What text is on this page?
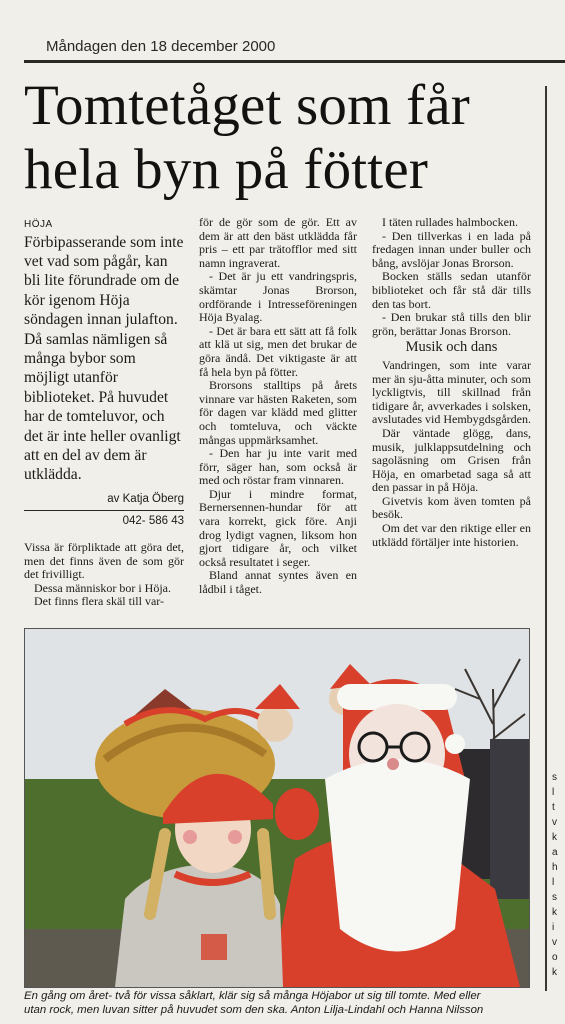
Måndagen den 18 december 2000
Tomtetåget som får
hela byn på fötter
HÖJA
Förbipasserande som inte vet vad som pågår, kan bli lite förundrade om de kör igenom Höja söndagen innan julafton. Då samlas nämligen så många bybor som möjligt utanför biblioteket. På huvudet har de tomteluvor, och det är inte heller ovanligt att en del av dem är utklädda.
av Katja Öberg
042- 586 43

Vissa är förpliktade att göra det, men det finns även de som gör det frivilligt.

Dessa människor bor i Höja.

Det finns flera skäl till var-

för de gör som de gör. Ett av dem är att den bäst utklädda får pris – ett par trätofflor med sitt namn ingraverat.

- Det är ju ett vandringspris, skämtar Jonas Brorson, ordförande i Intresseföreningen Höja Byalag.

- Det är bara ett sätt att få folk att klä ut sig, men det brukar de göra ändå. Det viktigaste är att få hela byn på fötter.

Brorsons stalltips på årets vinnare var hästen Raketen, som för dagen var klädd med glitter och tomteluva, och väckte mångas uppmärksamhet.

- Den har ju inte varit med förr, säger han, som också är med och röstar fram vinnaren.

Djur i mindre format, Bernersennen-hundar för att vara korrekt, gick före. Anji drog lydigt vagnen, liksom hon gjort tidigare år, och vilket också resultatet i seger.

Bland annat syntes även en lådbil i tåget.

I täten rullades halmbocken.

- Den tillverkas i en lada på fredagen innan under buller och bång, avslöjar Jonas Brorson.

Bocken ställs sedan utanför biblioteket och får stå där tills den tas bort.

- Den brukar stå tills den blir grön, berättar Jonas Brorson.

Musik och dans

Vandringen, som inte varar mer än sju-åtta minuter, och som lyckligtvis, till skillnad från tidigare år, avverkades i solsken, avslutades vid Hembygdsgården.

Där väntade glögg, dans, musik, julklappsutdelning och sagoläsning om Grisen från Höja, en omarbetad saga så att den passar in på Höja.

Givetvis kom även tomten på besök.

Om det var den riktige eller en utklädd förtäljer inte historien.

En gång om året- två för vissa såklart, klär sig så många Höjabor ut sig till tomte. Med eller
utan rock, men luvan sitter på huvudet som den ska. Anton Lilja-Lindahl och Hanna Nilsson
s
l
t
v
k
a
h
l
s
k
i
v
o
k
